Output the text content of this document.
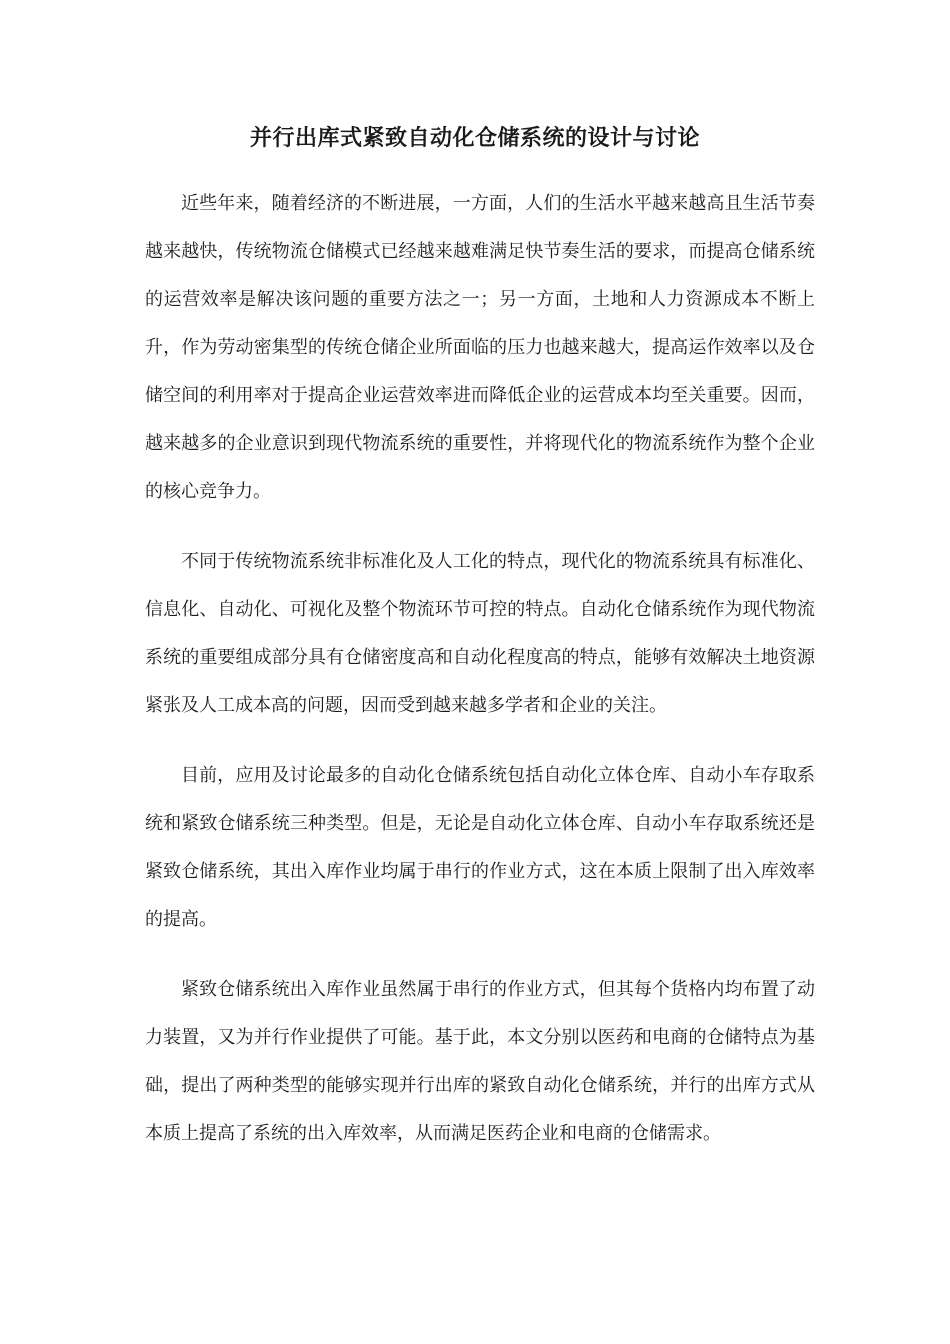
并行出库式紧致自动化仓储系统的设计与讨论

近些年来，随着经济的不断进展，一方面，人们的生活水平越来越高且生活节奏越来越快，传统物流仓储模式已经越来越难满足快节奏生活的要求，而提高仓储系统的运营效率是解决该问题的重要方法之一；另一方面，土地和人力资源成本不断上升，作为劳动密集型的传统仓储企业所面临的压力也越来越大，提高运作效率以及仓储空间的利用率对于提高企业运营效率进而降低企业的运营成本均至关重要。因而，越来越多的企业意识到现代物流系统的重要性，并将现代化的物流系统作为整个企业的核心竞争力。

不同于传统物流系统非标准化及人工化的特点，现代化的物流系统具有标准化、信息化、自动化、可视化及整个物流环节可控的特点。自动化仓储系统作为现代物流系统的重要组成部分具有仓储密度高和自动化程度高的特点，能够有效解决土地资源紧张及人工成本高的问题，因而受到越来越多学者和企业的关注。

目前，应用及讨论最多的自动化仓储系统包括自动化立体仓库、自动小车存取系统和紧致仓储系统三种类型。但是，无论是自动化立体仓库、自动小车存取系统还是紧致仓储系统，其出入库作业均属于串行的作业方式，这在本质上限制了出入库效率的提高。

紧致仓储系统出入库作业虽然属于串行的作业方式，但其每个货格内均布置了动力装置，又为并行作业提供了可能。基于此，本文分别以医药和电商的仓储特点为基础，提出了两种类型的能够实现并行出库的紧致自动化仓储系统，并行的出库方式从本质上提高了系统的出入库效率，从而满足医药企业和电商的仓储需求。
